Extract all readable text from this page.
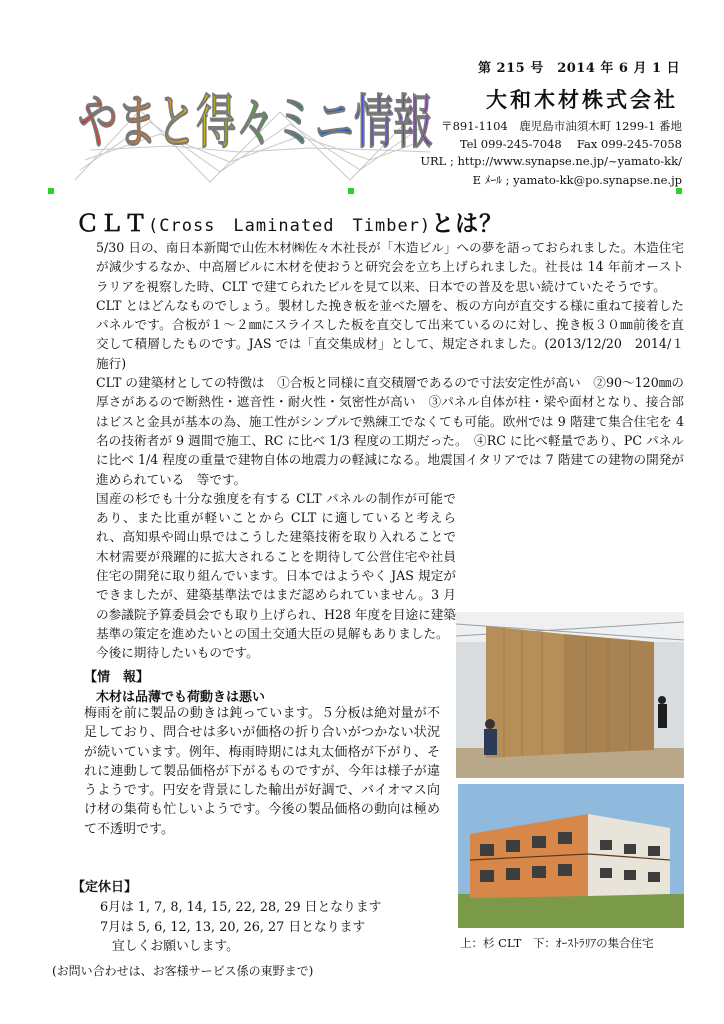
やまと得々ミニ情報
第 215 号　2014 年 6 月 1 日
大和木材株式会社
〒891-1104　鹿児島市油須木町 1299-1 番地
Tel 099-245-7048　 Fax 099-245-7058
URL ; http://www.synapse.ne.jp/~yamato-kk/
E ﾒｰﾙ ; yamato-kk@po.synapse.ne.jp
ＣＬＴ(Cross　Laminated　Timber)とは？

5/30 日の、南日本新聞で山佐木材㈱佐々木社長が「木造ビル」への夢を語っておられました。木造住宅が減少するなか、中高層ビルに木材を使おうと研究会を立ち上げられました。社長は 14 年前オーストラリアを視察した時、CLT で建てられたビルを見て以来、日本での普及を思い続けていたそうです。

CLT とはどんなものでしょう。製材した挽き板を並べた層を、板の方向が直交する様に重ねて接着したパネルです。合板が１～２㎜にスライスした板を直交して出来ているのに対し、挽き板３０㎜前後を直交して積層したものです。JAS では「直交集成材」として、規定されました。(2013/12/20　2014/１施行)

CLT の建築材としての特徴は　①合板と同様に直交積層であるので寸法安定性が高い　②90～120㎜の厚さがあるので断熱性・遮音性・耐火性・気密性が高い　③パネル自体が柱・梁や面材となり、接合部はビスと金具が基本の為、施工性がシンプルで熟練工でなくても可能。欧州では 9 階建て集合住宅を 4 名の技術者が 9 週間で施工、RC に比べ 1/3 程度の工期だった。　④RC に比べ軽量であり、PC パネルに比べ 1/4 程度の重量で建物自体の地震力の軽減になる。地震国イタリアでは 7 階建ての建物の開発が進められている　等です。

国産の杉でも十分な強度を有する CLT パネルの制作が可能であり、また比重が軽いことから CLT に適していると考えられ、高知県や岡山県ではこうした建築技術を取り入れることで木材需要が飛躍的に拡大されることを期待して公営住宅や社員住宅の開発に取り組んでいます。日本ではようやく JAS 規定ができましたが、建築基準法ではまだ認められていません。3 月の参議院予算委員会でも取り上げられ、H28 年度を目途に建築基準の策定を進めたいとの国土交通大臣の見解もありました。

今後に期待したいものです。

【情　報】
木材は品薄でも荷動きは悪い
梅雨を前に製品の動きは鈍っています。５分板は絶対量が不足しており、問合せは多いが価格の折り合いがつかない状況が続いています。例年、梅雨時期には丸太価格が下がり、それに連動して製品価格が下がるものですが、今年は様子が違うようです。円安を背景にした輸出が好調で、バイオマス向け材の集荷も忙しいようです。今後の製品価格の動向は極めて不透明です。
【定休日】
6月は 1, 7, 8, 14, 15, 22, 28, 29 日となります
7月は 5, 6, 12, 13, 20, 26, 27 日となります
宜しくお願いします。
(お問い合わせは、お客様サービス係の東野まで)
上：杉 CLT　下：ｵｰｽﾄﾗﾘｱの集合住宅
